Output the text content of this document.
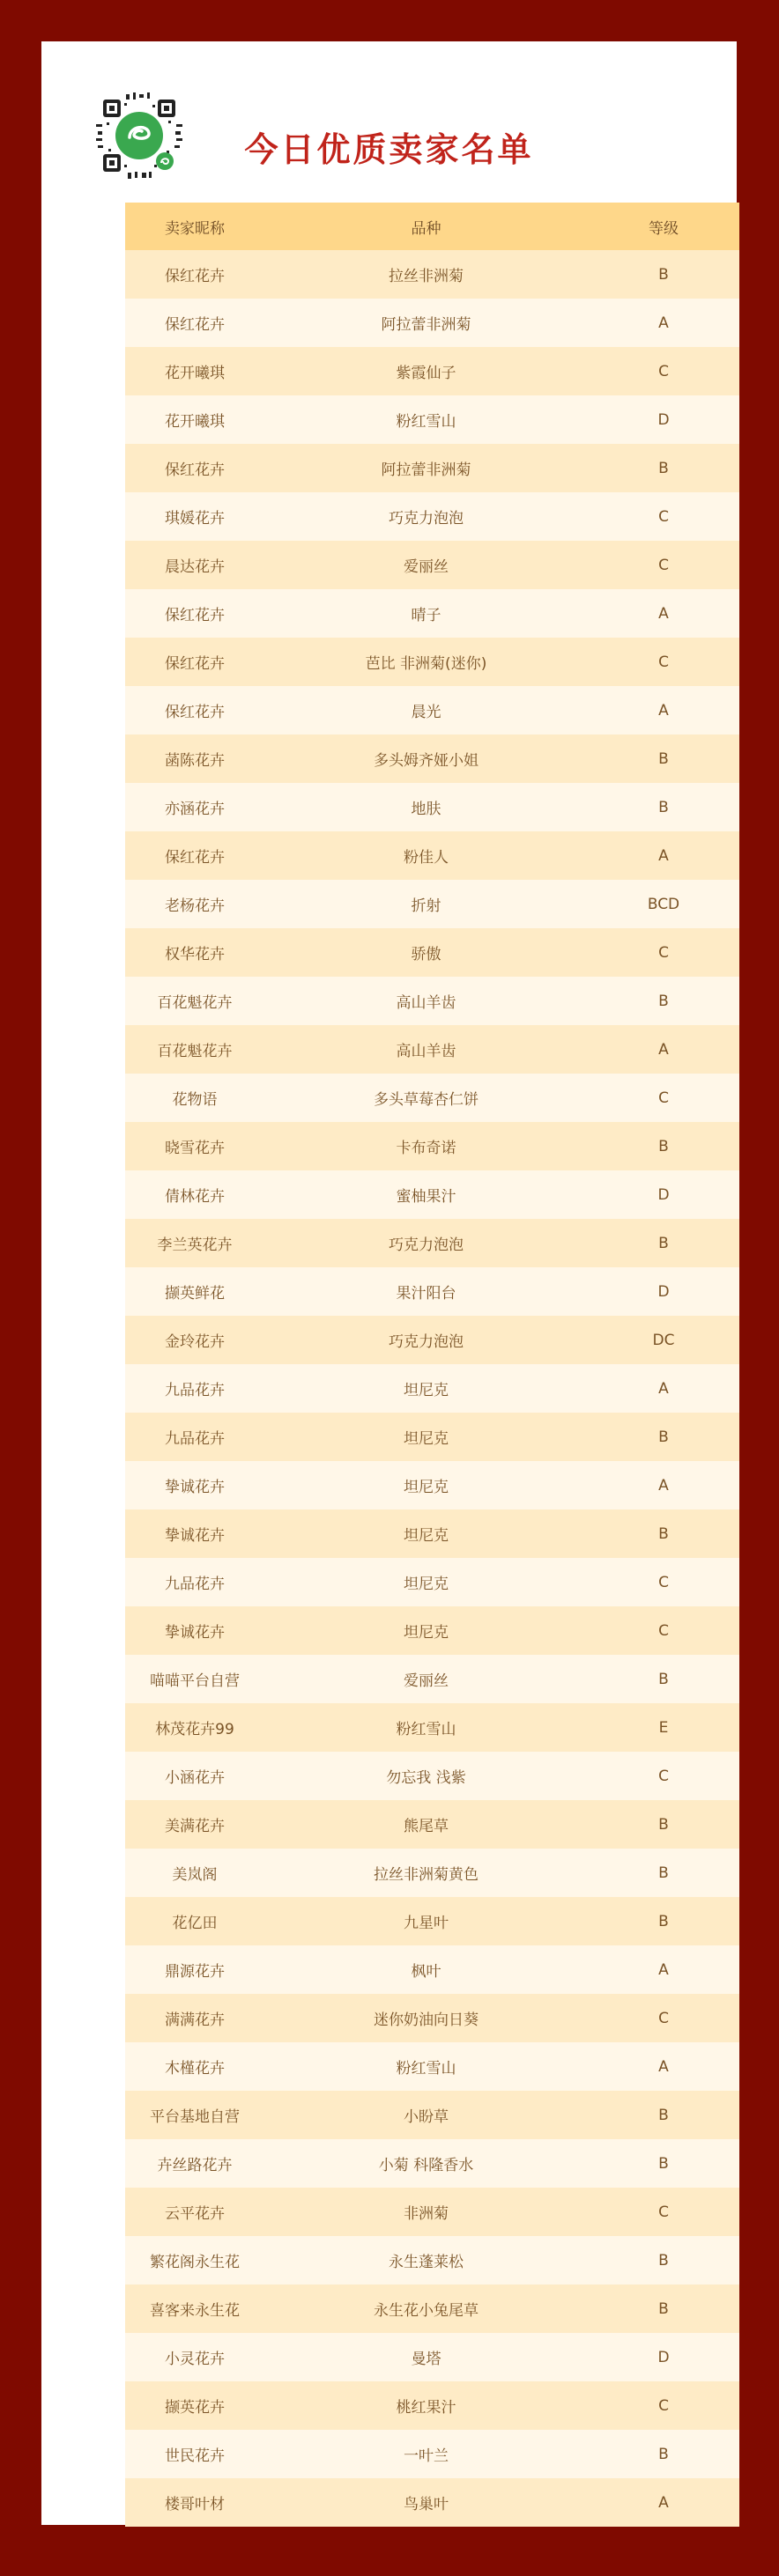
今日优质卖家名单
卖家昵称	品种	等级
保红花卉	拉丝非洲菊	B
保红花卉	阿拉蕾非洲菊	A
花开曦琪	紫霞仙子	C
花开曦琪	粉红雪山	D
保红花卉	阿拉蕾非洲菊	B
琪媛花卉	巧克力泡泡	C
晨达花卉	爱丽丝	C
保红花卉	晴子	A
保红花卉	芭比 非洲菊(迷你)	C
保红花卉	晨光	A
菡陈花卉	多头姆齐娅小姐	B
亦涵花卉	地肤	B
保红花卉	粉佳人	A
老杨花卉	折射	BCD
权华花卉	骄傲	C
百花魁花卉	高山羊齿	B
百花魁花卉	高山羊齿	A
花物语	多头草莓杏仁饼	C
晓雪花卉	卡布奇诺	B
倩林花卉	蜜柚果汁	D
李兰英花卉	巧克力泡泡	B
撷英鲜花	果汁阳台	D
金玲花卉	巧克力泡泡	DC
九品花卉	坦尼克	A
九品花卉	坦尼克	B
挚诚花卉	坦尼克	A
挚诚花卉	坦尼克	B
九品花卉	坦尼克	C
挚诚花卉	坦尼克	C
喵喵平台自营	爱丽丝	B
林茂花卉99	粉红雪山	E
小涵花卉	勿忘我 浅紫	C
美满花卉	熊尾草	B
美岚阁	拉丝非洲菊黄色	B
花亿田	九星叶	B
鼎源花卉	枫叶	A
满满花卉	迷你奶油向日葵	C
木槿花卉	粉红雪山	A
平台基地自营	小盼草	B
卉丝路花卉	小菊 科隆香水	B
云平花卉	非洲菊	C
繁花阁永生花	永生蓬莱松	B
喜客来永生花	永生花小兔尾草	B
小灵花卉	曼塔	D
撷英花卉	桃红果汁	C
世民花卉	一叶兰	B
楼哥叶材	鸟巢叶	A
